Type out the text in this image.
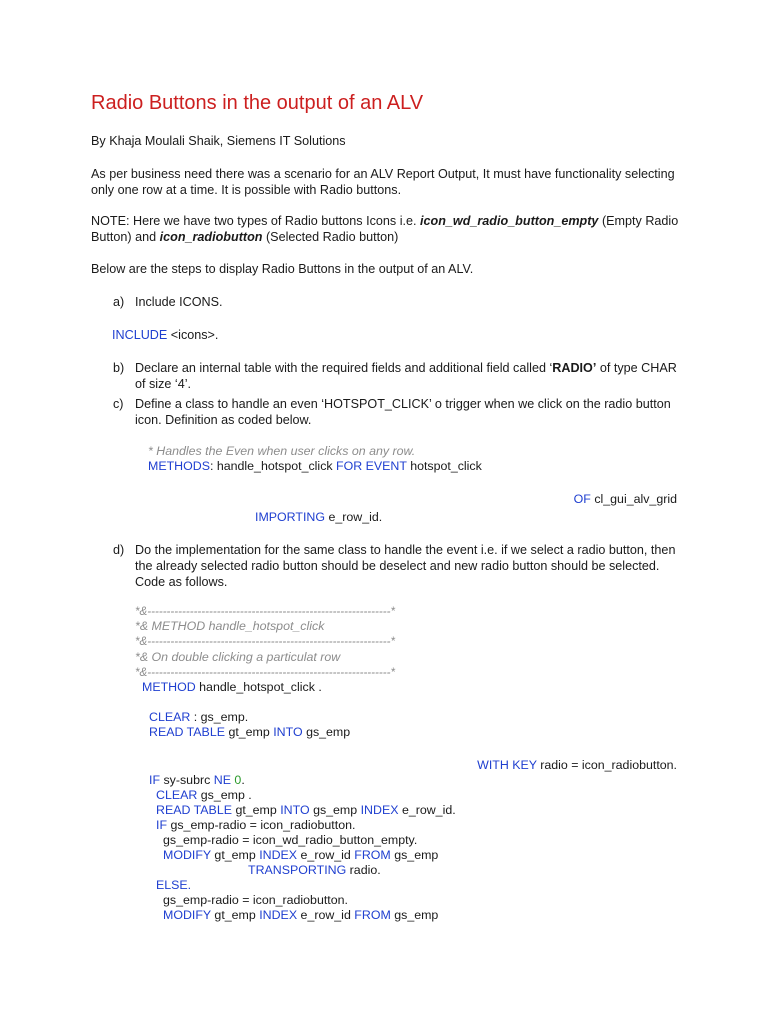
Radio Buttons in the output of an ALV
By Khaja Moulali Shaik, Siemens IT Solutions
As per business need there was a scenario for an ALV Report Output, It must have functionality selecting
only one row at a time. It is possible with Radio buttons.
NOTE: Here we have two types of Radio buttons Icons i.e. icon_wd_radio_button_empty (Empty Radio
Button) and icon_radiobutton (Selected Radio button)
Below are the steps to display Radio Buttons in the output of an ALV.
a) Include ICONS.
INCLUDE <icons>.
b) Declare an internal table with the required fields and additional field called ‘RADIO’ of type CHAR
of size ‘4’.
c) Define a class to handle an even ‘HOTSPOT_CLICK’ o trigger when we click on the radio button
icon. Definition as coded below.
* Handles the Even when user clicks on any row.
METHODS: handle_hotspot_click FOR EVENT hotspot_click
OF cl_gui_alv_grid
IMPORTING e_row_id.
d) Do the implementation for the same class to handle the event i.e. if we select a radio button, then
the already selected radio button should be deselect and new radio button should be selected.
Code as follows.
*&---------------------------------------------------------------*
*& METHOD handle_hotspot_click
*&---------------------------------------------------------------*
*& On double clicking a particulat row
*&---------------------------------------------------------------*
METHOD handle_hotspot_click .
CLEAR : gs_emp.
READ TABLE gt_emp INTO gs_emp
WITH KEY radio = icon_radiobutton.
IF sy-subrc NE 0.
CLEAR gs_emp .
READ TABLE gt_emp INTO gs_emp INDEX e_row_id.
IF gs_emp-radio = icon_radiobutton.
gs_emp-radio = icon_wd_radio_button_empty.
MODIFY gt_emp INDEX e_row_id FROM gs_emp
TRANSPORTING radio.
ELSE.
gs_emp-radio = icon_radiobutton.
MODIFY gt_emp INDEX e_row_id FROM gs_emp
